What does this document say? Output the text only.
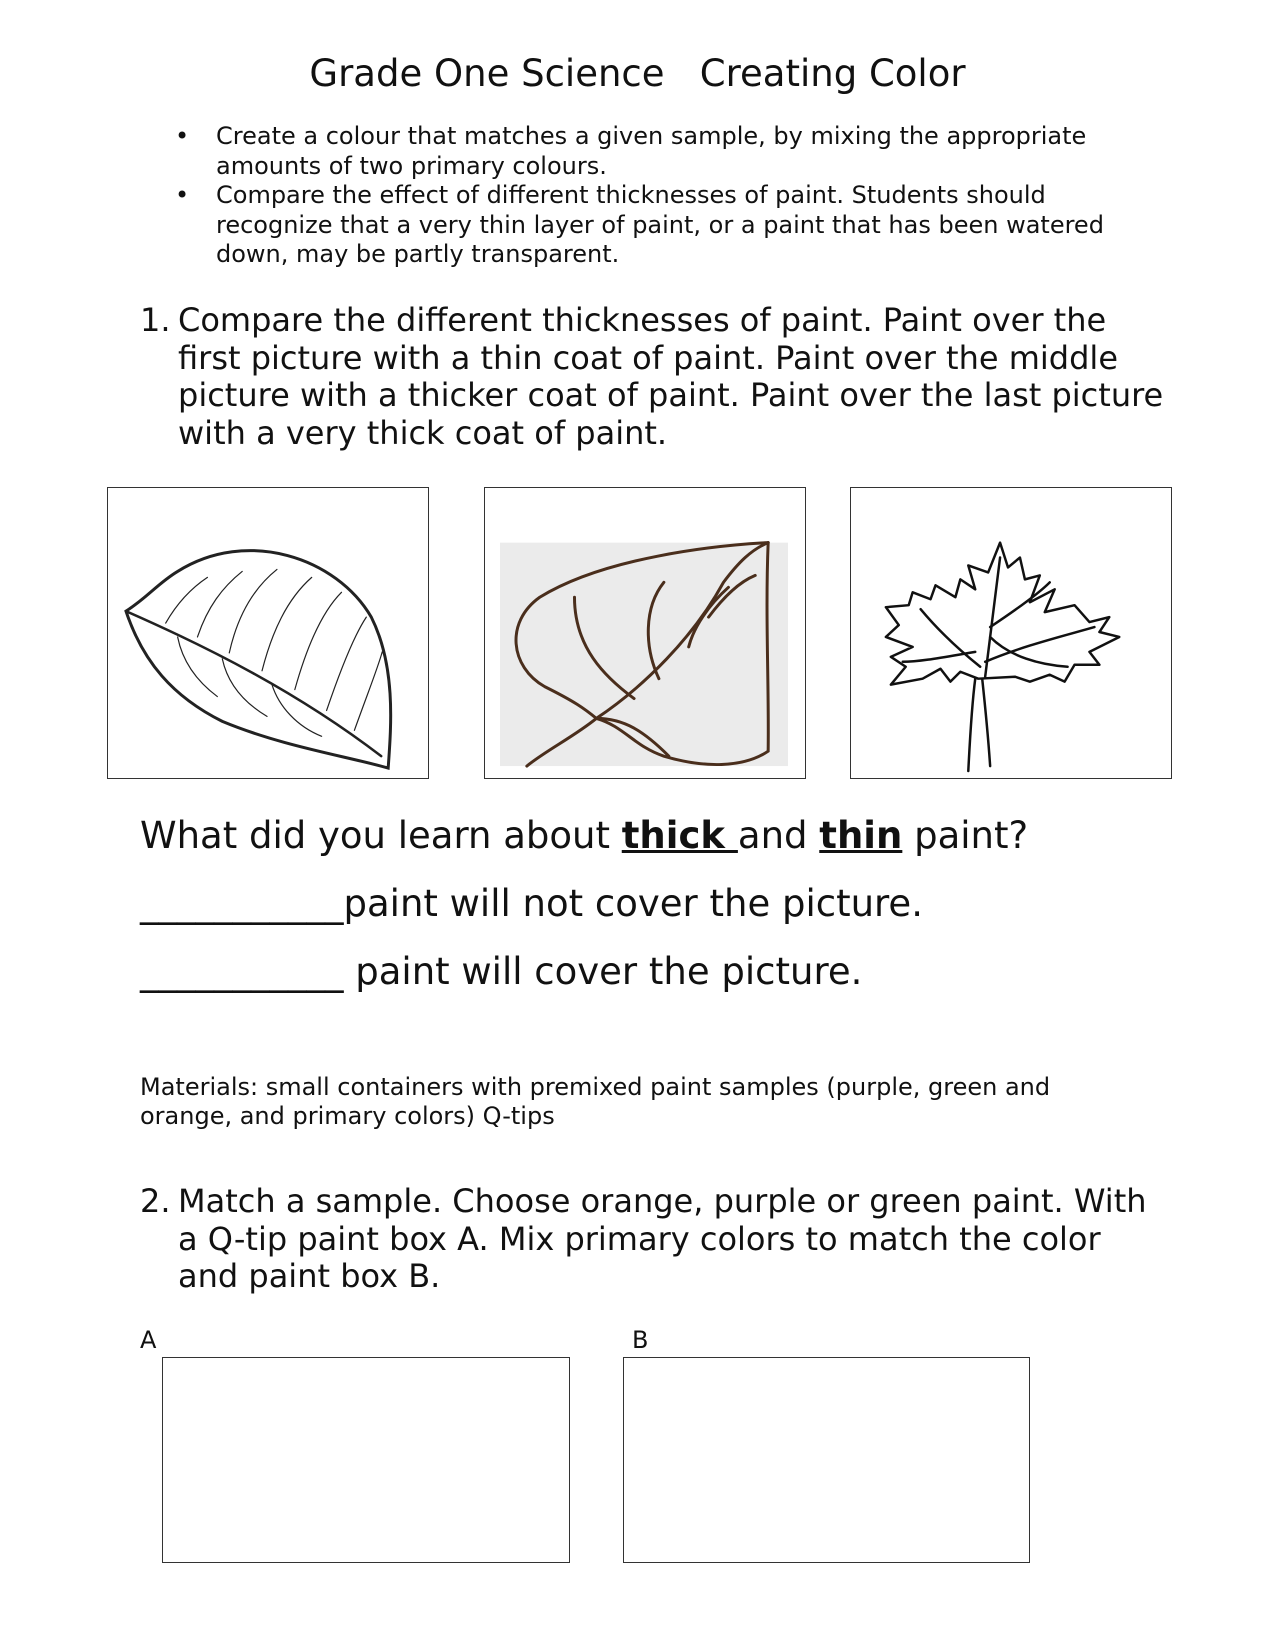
Grade One Science   Creating Color
• Create a colour that matches a given sample, by mixing the appropriate amounts of two primary colours.
• Compare the effect of different thicknesses of paint. Students should recognize that a very thin layer of paint, or a paint that has been watered down, may be partly transparent.
1. Compare the different thicknesses of paint. Paint over the first picture with a thin coat of paint. Paint over the middle picture with a thicker coat of paint. Paint over the last picture with a very thick coat of paint.
What did you learn about thick and thin paint?
___________paint will not cover the picture.
___________ paint will cover the picture.
Materials: small containers with premixed paint samples (purple, green and orange, and primary colors) Q-tips
2. Match a sample. Choose orange, purple or green paint. With a Q-tip paint box A. Mix primary colors to match the color and paint box B.
A	B
